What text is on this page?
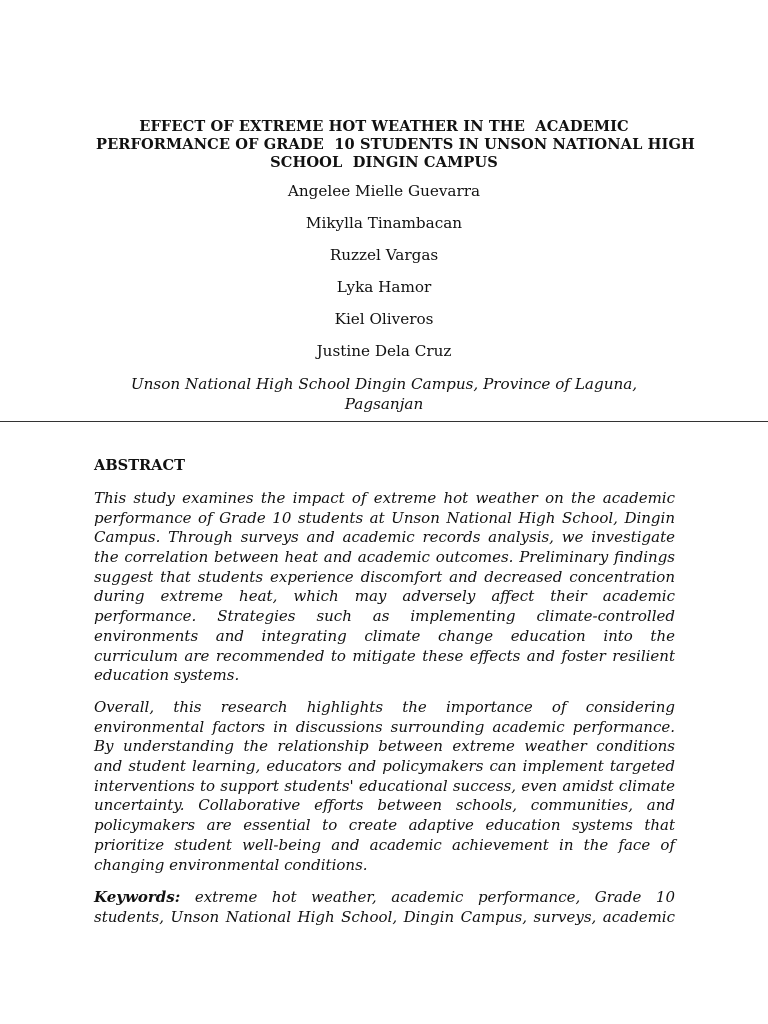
EFFECT OF EXTREME HOT WEATHER IN THE  ACADEMIC
PERFORMANCE OF GRADE  10 STUDENTS IN UNSON NATIONAL HIGH
SCHOOL  DINGIN CAMPUS
Angelee Mielle Guevarra
Mikylla Tinambacan
Ruzzel Vargas
Lyka Hamor
Kiel Oliveros
Justine Dela Cruz
Unson National High School Dingin Campus, Province of Laguna,
Pagsanjan
ABSTRACT
This study examines the impact of extreme hot weather on the academic
performance of Grade 10 students at Unson National High School, Dingin
Campus. Through surveys and academic records analysis, we investigate
the correlation between heat and academic outcomes. Preliminary findings
suggest that students experience discomfort and decreased concentration
during extreme heat, which may adversely affect their academic
performance. Strategies such as implementing climate-controlled
environments and integrating climate change education into the
curriculum are recommended to mitigate these effects and foster resilient
education systems.
Overall, this research highlights the importance of considering
environmental factors in discussions surrounding academic performance.
By understanding the relationship between extreme weather conditions
and student learning, educators and policymakers can implement targeted
interventions to support students' educational success, even amidst climate
uncertainty. Collaborative efforts between schools, communities, and
policymakers are essential to create adaptive education systems that
prioritize student well-being and academic achievement in the face of
changing environmental conditions.
Keywords: extreme hot weather, academic performance, Grade 10
students, Unson National High School, Dingin Campus, surveys, academic
